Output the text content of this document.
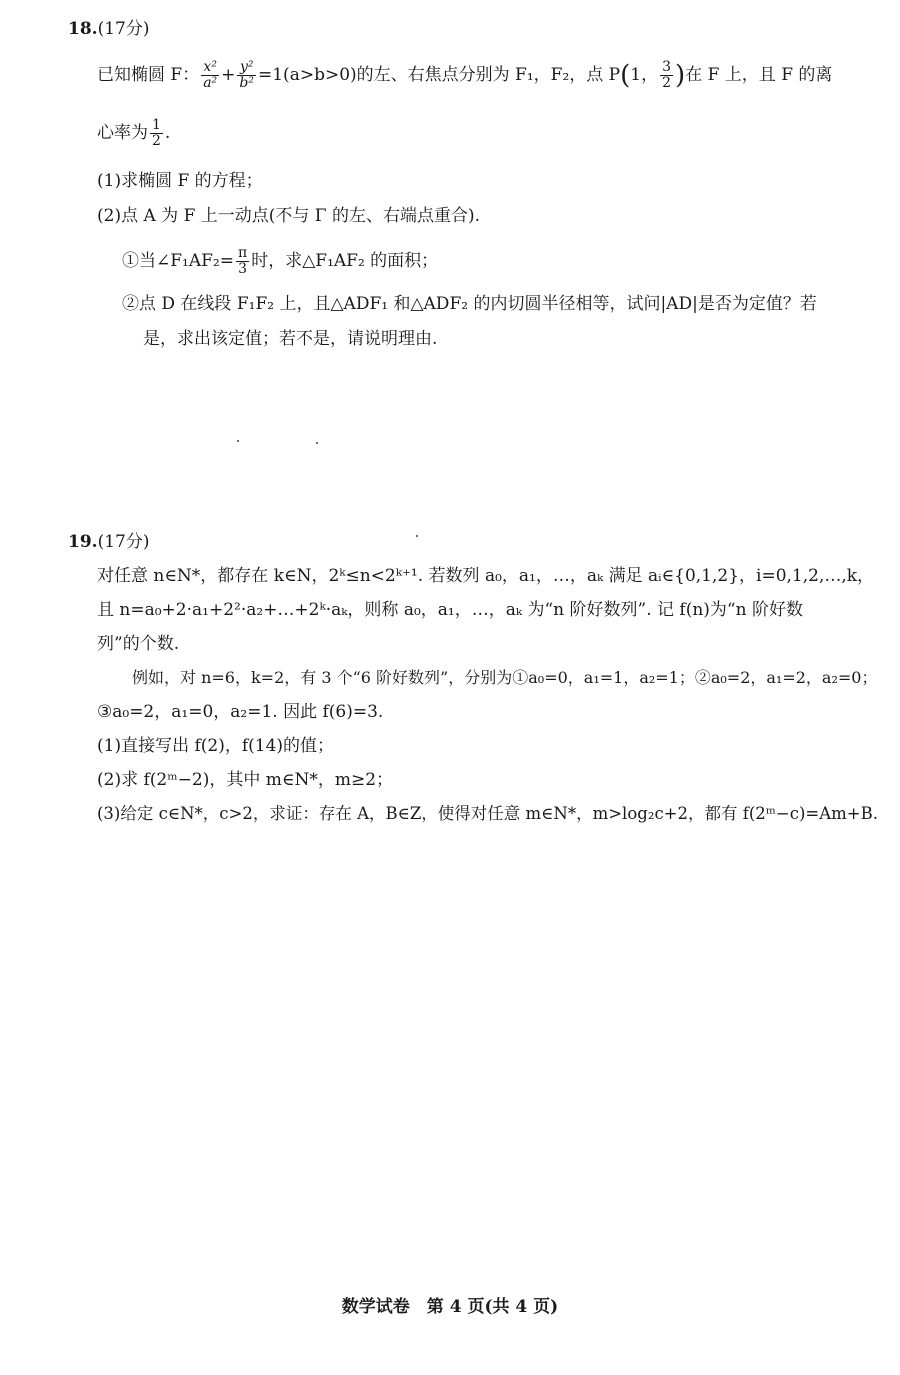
18.(17分)
已知椭圆 F： $\frac{\text{x²}}{\text{a²}} + \frac{\text{y²}}{\text{b²}} =1(a>b>0)$的左、右焦点分别为 F₁，F₂，点 P(1， $\frac{3}{2}$ )在 F 上，且 F 的离
心率为 $\frac{1}{2}$ .
(1)求椭圆 F 的方程；
(2)点 A 为 F 上一动点(不与 Γ 的左、右端点重合).
①当∠F₁AF₂= $\frac{\pi}{3}$ 时，求△F₁AF₂ 的面积；
②点 D 在线段 F₁F₂ 上，且△ADF₁ 和△ADF₂ 的内切圆半径相等，试问|AD|是否为定值？若
是，求出该定值；若不是，请说明理由.
19.(17分)
对任意 n∈N*，都存在 k∈N，2ᵏ≤n<2ᵏ⁺¹. 若数列 a₀，a₁，…，aₖ 满足 aᵢ∈{0,1,2}，i=0,1,2,…,k，
且 n=a₀+2·a₁+2²·a₂+…+2ᵏ·aₖ，则称 a₀，a₁，…，aₖ 为“n 阶好数列”. 记 f(n)为“n 阶好数
列”的个数.
例如，对 n=6，k=2，有 3 个“6 阶好数列”，分别为①a₀=0，a₁=1，a₂=1；②a₀=2，a₁=2，a₂=0；
③a₀=2，a₁=0，a₂=1. 因此 f(6)=3.
(1)直接写出 f(2)，f(14)的值；
(2)求 f(2ᵐ−2)，其中 m∈N*，m≥2；
(3)给定 c∈N*，c>2，求证：存在 A，B∈Z，使得对任意 m∈N*，m>log₂c+2，都有 f(2ᵐ−c)=Am+B.
数学试卷　第 4 页(共 4 页)
